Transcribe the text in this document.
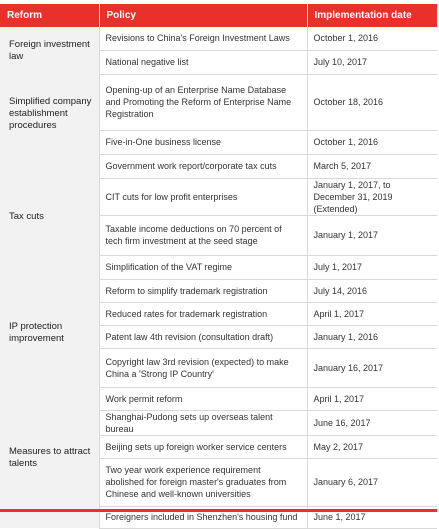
Reform	Policy	Implementation date
Foreign investment law	Revisions to China's Foreign Investment Laws	October 1, 2016
	National negative list	July 10, 2017
Simplified company establishment procedures	Opening-up of an Enterprise Name Database and Promoting the Reform of Enterprise Name Registration	October 18, 2016
	Five-in-One business license	October 1, 2016
Tax cuts	Government work report/corporate tax cuts	March 5, 2017
	CIT cuts for low profit enterprises	January 1, 2017, to December 31, 2019 (Extended)
	Taxable income deductions on 70 percent of tech firm investment at the seed stage	January 1, 2017
	Simplification of the VAT regime	July 1, 2017
IP protection improvement	Reform to simplify trademark registration	July 14, 2016
	Reduced rates for trademark registration	April 1, 2017
	Patent law 4th revision (consultation draft)	January 1, 2016
	Copyright law 3rd revision (expected) to make China a 'Strong IP Country'	January 16, 2017
Measures to attract talents	Work permit reform	April 1, 2017
	Shanghai-Pudong sets up overseas talent bureau	June 16, 2017
	Beijing sets up foreign worker service centers	May 2, 2017
	Two year work experience requirement abolished for foreign master's graduates from Chinese and well-known universities	January 6, 2017
	Foreigners included in Shenzhen's housing fund	June 1, 2017
